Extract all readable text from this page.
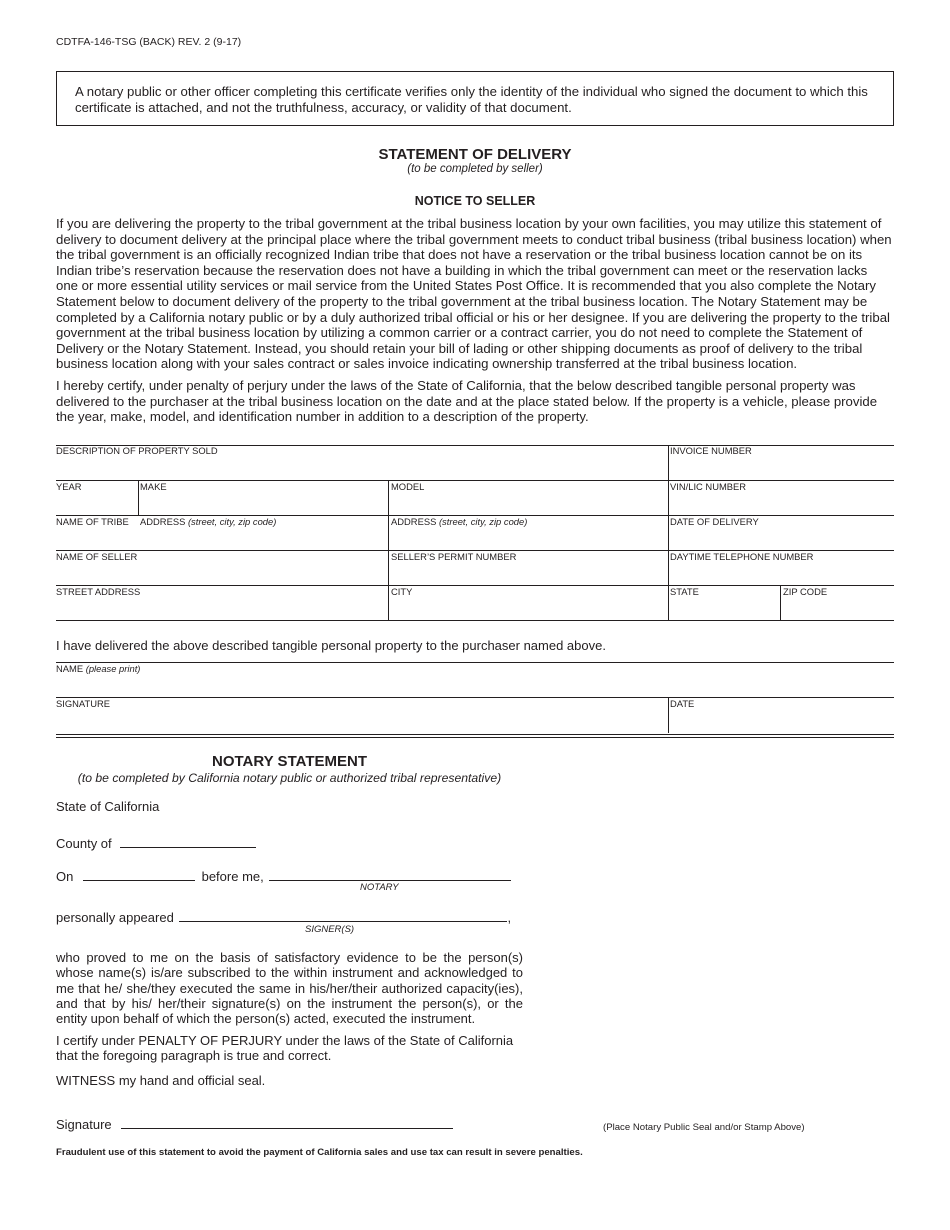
CDTFA-146-TSG (BACK) REV. 2 (9-17)
A notary public or other officer completing this certificate verifies only the identity of the individual who signed the document to which this certificate is attached, and not the truthfulness, accuracy, or validity of that document.
STATEMENT OF DELIVERY
(to be completed by seller)
NOTICE TO SELLER
If you are delivering the property to the tribal government at the tribal business location by your own facilities, you may utilize this statement of delivery to document delivery at the principal place where the tribal government meets to conduct tribal business (tribal business location) when the tribal government is an officially recognized Indian tribe that does not have a reservation or the tribal business location cannot be on its Indian tribe’s reservation because the reservation does not have a building in which the tribal government can meet or the reservation lacks one or more essential utility services or mail service from the United States Post Office. It is recommended that you also complete the Notary Statement below to document delivery of the property to the tribal government at the tribal business location. The Notary Statement may be completed by a California notary public or by a duly authorized tribal official or his or her designee. If you are delivering the property to the tribal government at the tribal business location by utilizing a common carrier or a contract carrier, you do not need to complete the Statement of Delivery or the Notary Statement. Instead, you should retain your bill of lading or other shipping documents as proof of delivery to the tribal business location along with your sales contract or sales invoice indicating ownership transferred at the tribal business location.
I hereby certify, under penalty of perjury under the laws of the State of California, that the below described tangible personal property was delivered to the purchaser at the tribal business location on the date and at the place stated below. If the property is a vehicle, please provide the year, make, model, and identification number in addition to a description of the property.
DESCRIPTION OF PROPERTY SOLD	INVOICE NUMBER
YEAR	MAKE	MODEL	VIN/LIC NUMBER
NAME OF TRIBE ADDRESS (street, city, zip code)	ADDRESS (street, city, zip code)	DATE OF DELIVERY
NAME OF SELLER	SELLER’S PERMIT NUMBER	DAYTIME TELEPHONE NUMBER
STREET ADDRESS	CITY	STATE	ZIP CODE
I have delivered the above described tangible personal property to the purchaser named above.
NAME (please print)
SIGNATURE	DATE
NOTARY STATEMENT
(to be completed by California notary public or authorized tribal representative)
State of California
County of
On	before me,
NOTARY
personally appeared	,
SIGNER(S)
who proved to me on the basis of satisfactory evidence to be the person(s) whose name(s) is/are subscribed to the within instrument and acknowledged to me that he/ she/they executed the same in his/her/their authorized capacity(ies), and that by his/ her/their signature(s) on the instrument the person(s), or the entity upon behalf of which the person(s) acted, executed the instrument.
I certify under PENALTY OF PERJURY under the laws of the State of California that the foregoing paragraph is true and correct.
WITNESS my hand and official seal.
Signature	(Place Notary Public Seal and/or Stamp Above)
Fraudulent use of this statement to avoid the payment of California sales and use tax can result in severe penalties.
